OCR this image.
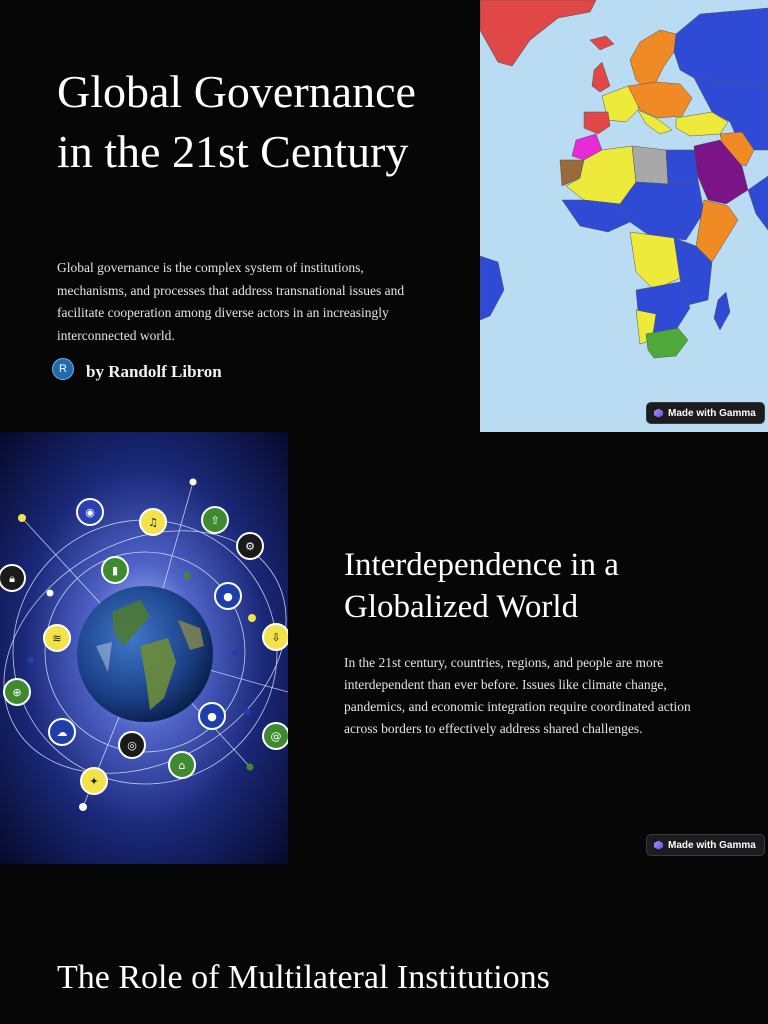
Global Governance in the 21st Century

Global governance is the complex system of institutions, mechanisms, and processes that address transnational issues and facilitate cooperation among diverse actors in an increasingly interconnected world.

R	by Randolf Libron
Made with Gamma
◉
♫	⇧
⚙
🔒︎
▮
●
≋	⇩
⊕
●
☁	@
◎
⌂
✦
Interdependence in a Globalized World

In the 21st century, countries, regions, and people are more interdependent than ever before. Issues like climate change, pandemics, and economic integration require coordinated action across borders to effectively address shared challenges.

Made with Gamma
The Role of Multilateral Institutions
